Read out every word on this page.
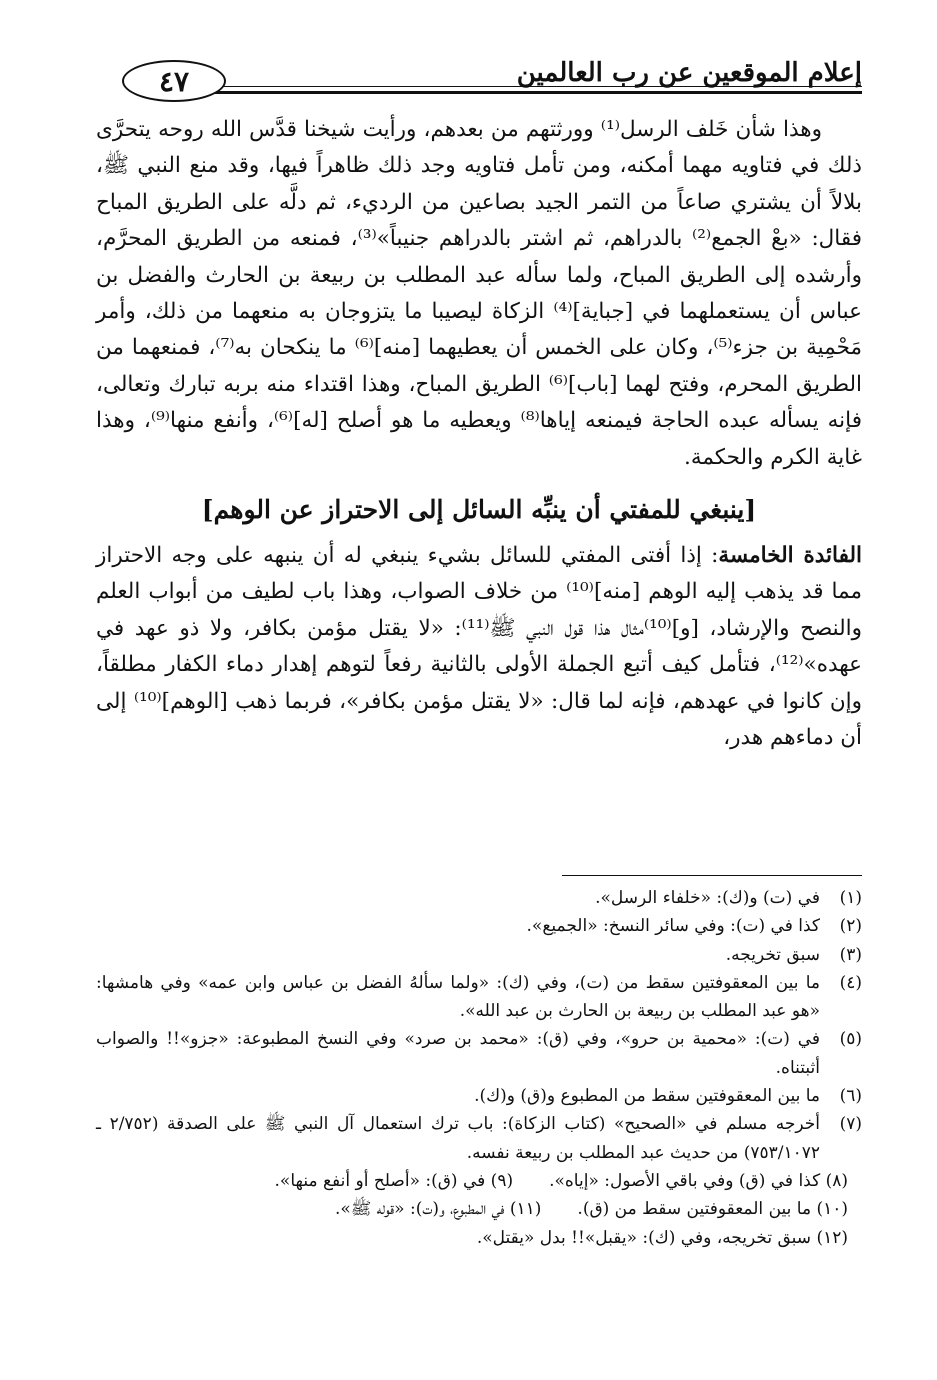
إعلام الموقعين عن رب العالمين
٤٧

وهذا شأن خَلف الرسل⁽¹⁾ وورثتهم من بعدهم، ورأيت شيخنا قدَّس الله روحه يتحرَّى ذلك في فتاويه مهما أمكنه، ومن تأمل فتاويه وجد ذلك ظاهراً فيها، وقد منع النبي ﷺ، بلالاً أن يشتري صاعاً من التمر الجيد بصاعين من الرديء، ثم دلَّه على الطريق المباح فقال: «بعْ الجمع⁽²⁾ بالدراهم، ثم اشتر بالدراهم جنيباً»⁽³⁾، فمنعه من الطريق المحرَّم، وأرشده إلى الطريق المباح، ولما سأله عبد المطلب بن ربيعة بن الحارث والفضل بن عباس أن يستعملهما في [جباية]⁽⁴⁾ الزكاة ليصيبا ما يتزوجان به منعهما من ذلك، وأمر مَحْمِية بن جزء⁽⁵⁾، وكان على الخمس أن يعطيهما [منه]⁽⁶⁾ ما ينكحان به⁽⁷⁾، فمنعهما من الطريق المحرم، وفتح لهما [باب]⁽⁶⁾ الطريق المباح، وهذا اقتداء منه بربه تبارك وتعالى، فإنه يسأله عبده الحاجة فيمنعه إياها⁽⁸⁾ ويعطيه ما هو أصلح [له]⁽⁶⁾، وأنفع منها⁽⁹⁾، وهذا غاية الكرم والحكمة.

[ينبغي للمفتي أن ينبِّه السائل إلى الاحتراز عن الوهم]

الفائدة الخامسة: إذا أفتى المفتي للسائل بشيء ينبغي له أن ينبهه على وجه الاحتراز مما قد يذهب إليه الوهم [منه]⁽¹⁰⁾ من خلاف الصواب، وهذا باب لطيف من أبواب العلم والنصح والإرشاد، [و]⁽¹⁰⁾مثال هذا قول النبي ﷺ⁽¹¹⁾: «لا يقتل مؤمن بكافر، ولا ذو عهد في عهده»⁽¹²⁾، فتأمل كيف أتبع الجملة الأولى بالثانية رفعاً لتوهم إهدار دماء الكفار مطلقاً، وإن كانوا في عهدهم، فإنه لما قال: «لا يقتل مؤمن بكافر»، فربما ذهب [الوهم]⁽¹⁰⁾ إلى أن دماءهم هدر،

(١)
في (ت) و(ك): «خلفاء الرسل».
(٢)
كذا في (ت): وفي سائر النسخ: «الجميع».
(٣)
سبق تخريجه.
(٤)
ما بين المعقوفتين سقط من (ت)، وفي (ك): «ولما سألهُ الفضل بن عباس وابن عمه» وفي هامشها: «هو عبد المطلب بن ربيعة بن الحارث بن عبد الله».
(٥)
في (ت): «محمية بن حرو»، وفي (ق): «محمد بن صرد» وفي النسخ المطبوعة: «جزو»!! والصواب أثبتناه.
(٦)
ما بين المعقوفتين سقط من المطبوع و(ق) و(ك).
(٧)
أخرجه مسلم في «الصحيح» (كتاب الزكاة): باب ترك استعمال آل النبي ﷺ على الصدقة (٢/٧٥٢ ـ ٧٥٣/١٠٧٢) من حديث عبد المطلب بن ربيعة نفسه.
(٨) كذا في (ق) وفي باقي الأصول: «إياه».
(٩) في (ق): «أصلح أو أنفع منها».
(١٠) ما بين المعقوفتين سقط من (ق).
(١١) في المطبوع، و(ت): «قوله ﷺ».
(١٢) سبق تخريجه، وفي (ك): «يقبل»!! بدل «يقتل».
